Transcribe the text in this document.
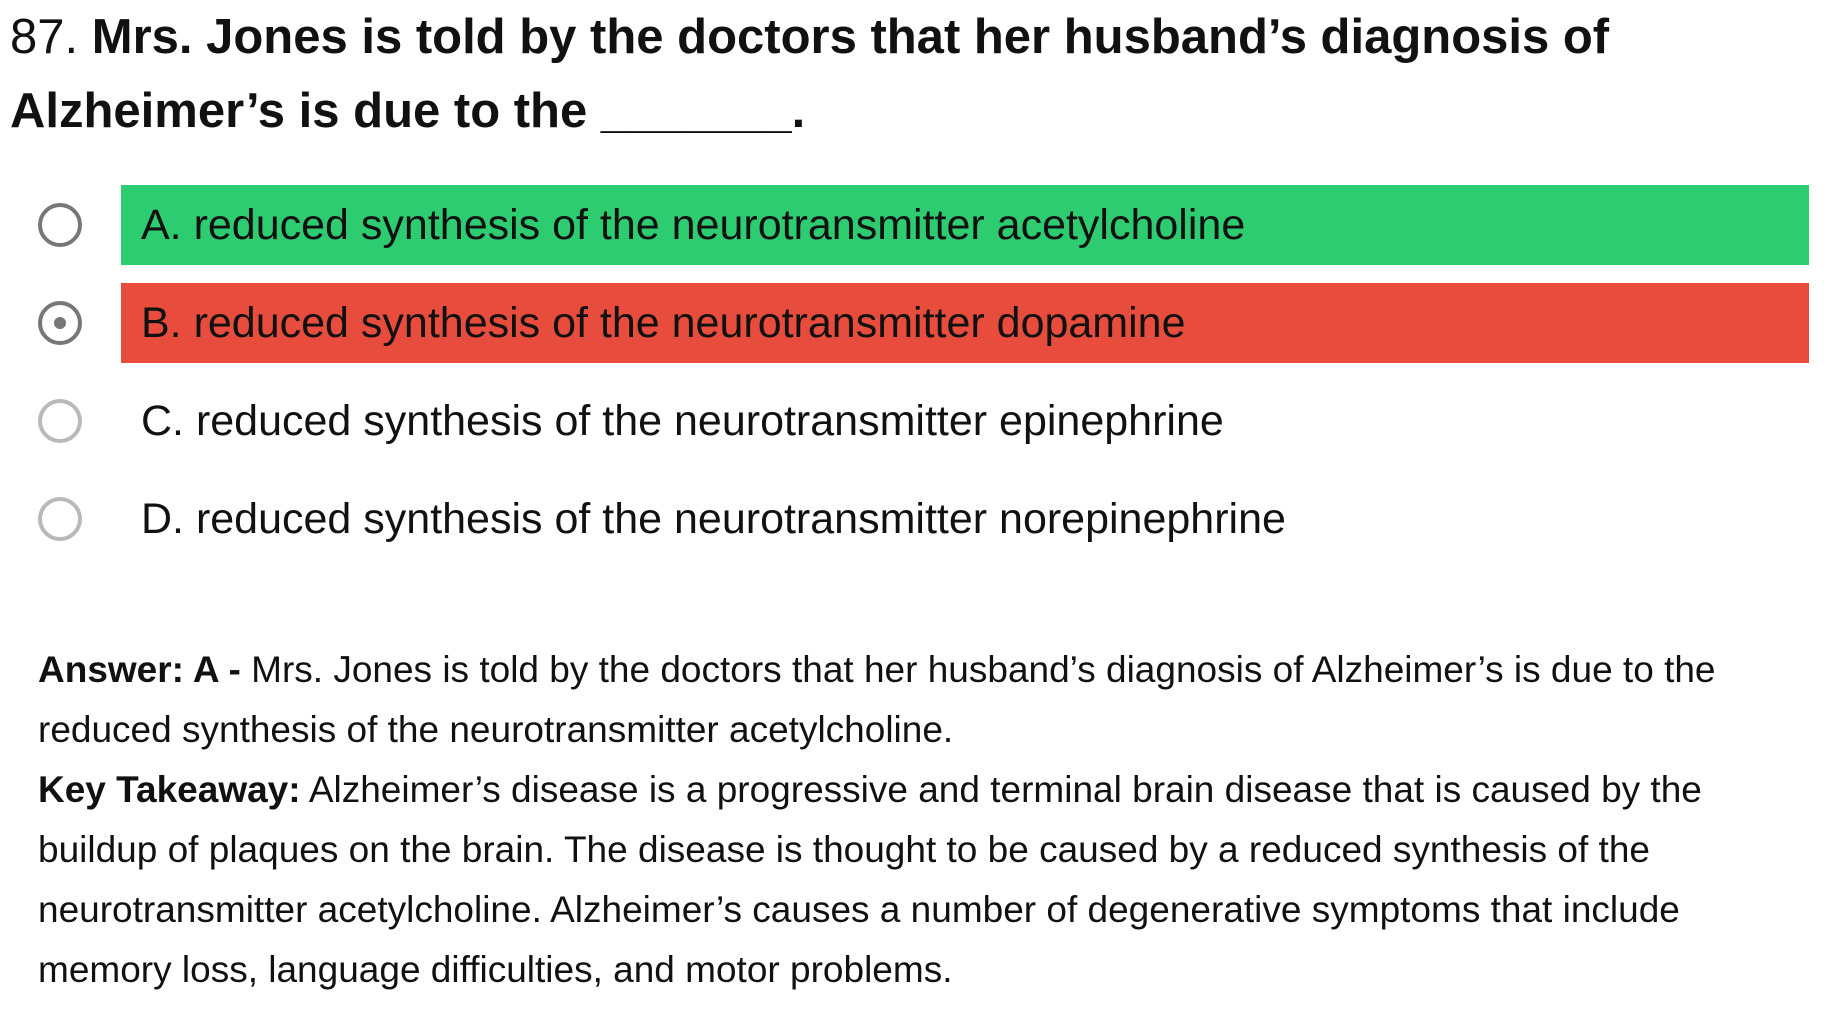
87. Mrs. Jones is told by the doctors that her husband’s diagnosis of Alzheimer’s is due to the _______.
A. reduced synthesis of the neurotransmitter acetylcholine
B. reduced synthesis of the neurotransmitter dopamine
C. reduced synthesis of the neurotransmitter epinephrine
D. reduced synthesis of the neurotransmitter norepinephrine

Answer: A - Mrs. Jones is told by the doctors that her husband’s diagnosis of Alzheimer’s is due to the reduced synthesis of the neurotransmitter acetylcholine.

Key Takeaway: Alzheimer’s disease is a progressive and terminal brain disease that is caused by the buildup of plaques on the brain. The disease is thought to be caused by a reduced synthesis of the neurotransmitter acetylcholine. Alzheimer’s causes a number of degenerative symptoms that include memory loss, language difficulties, and motor problems.
